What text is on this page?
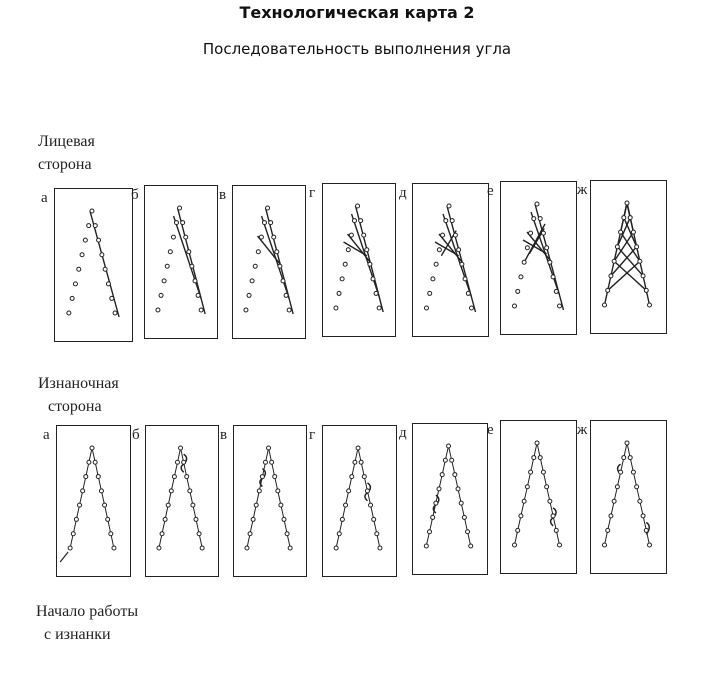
Технологическая карта 2
Последовательность выполнения угла
Лицевая
сторона
Изнаночная
сторона
Начало работы
с изнанки
а	б	в	г	д	е	ж
а	б	в	г	д	е	ж
